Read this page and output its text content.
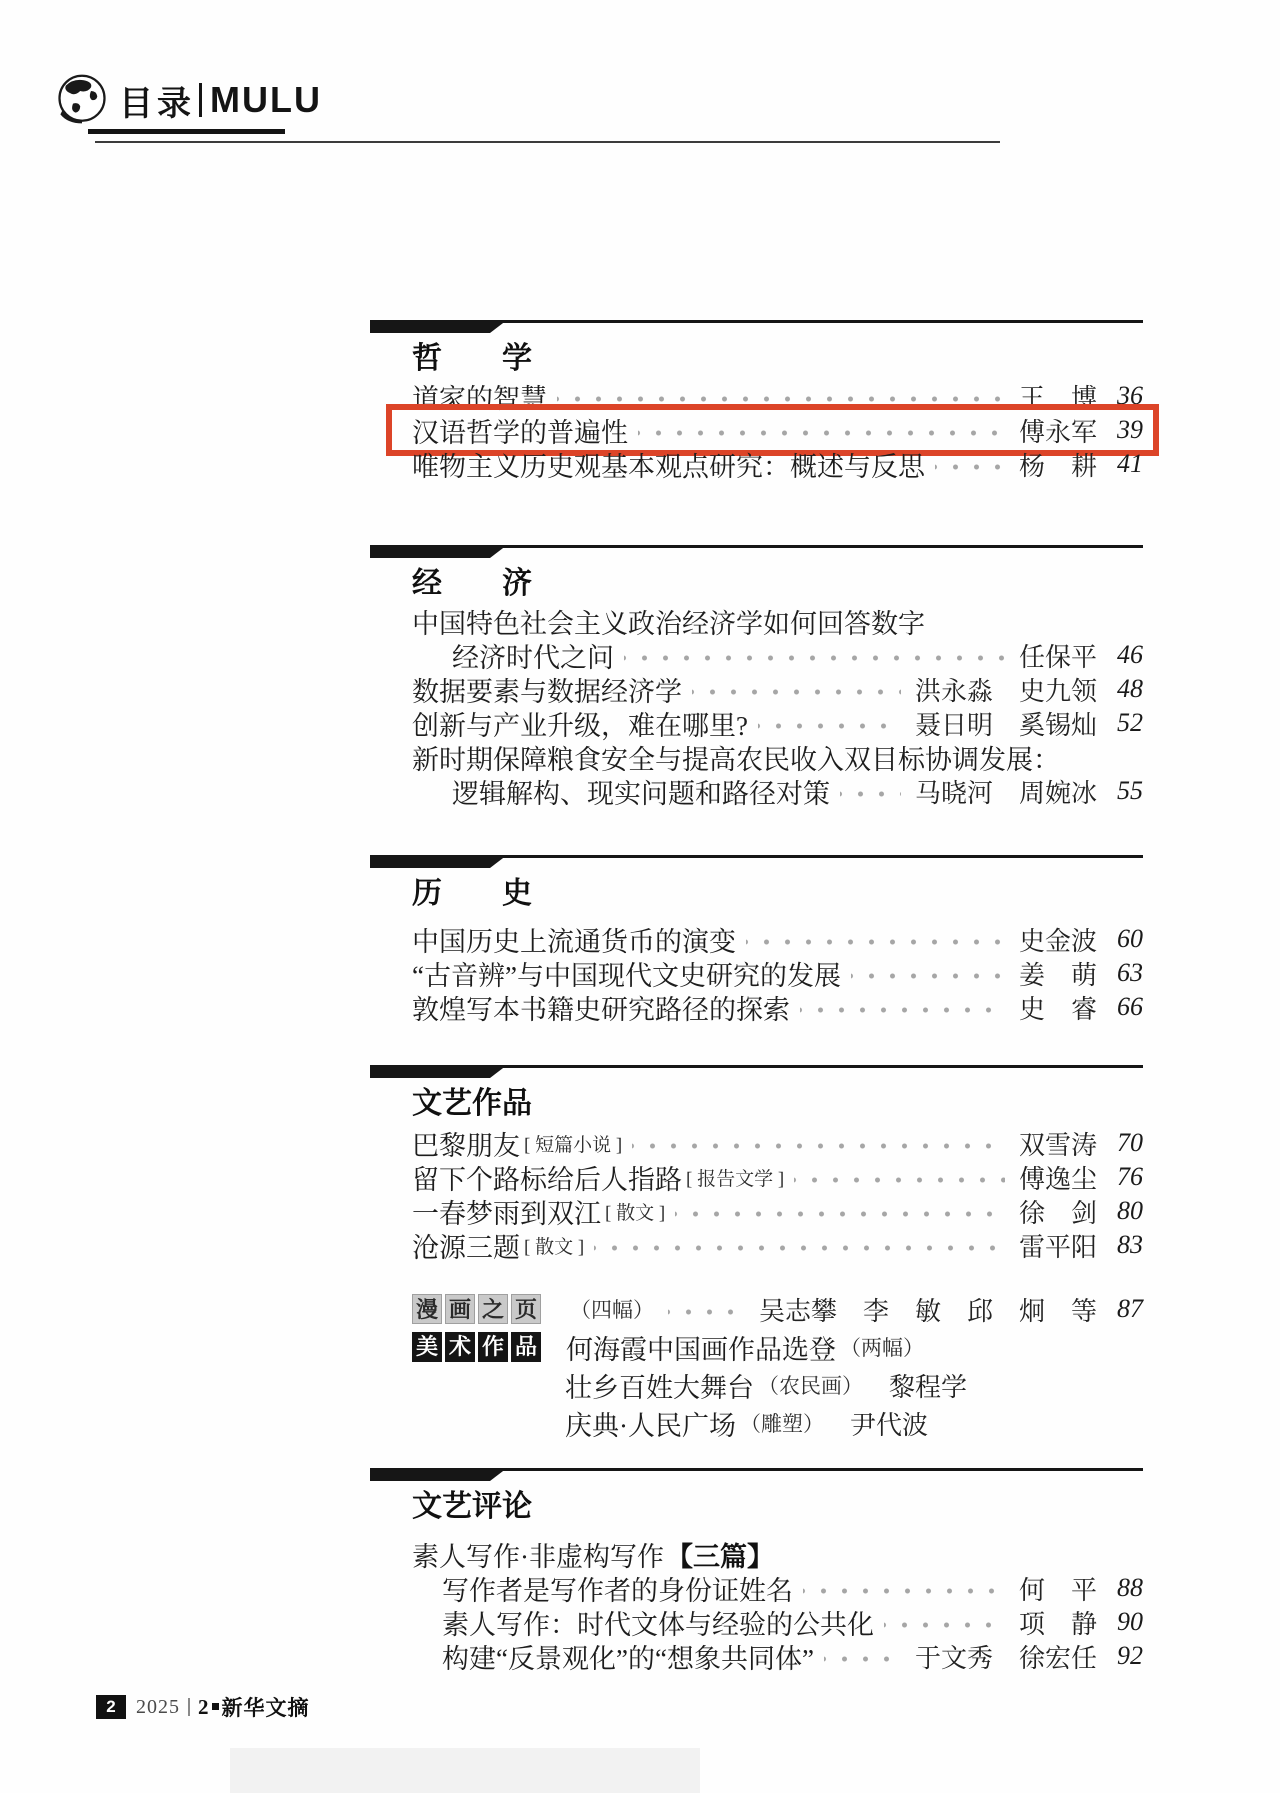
目录 MULU
哲　　学
道家的智慧	王　博 36
汉语哲学的普遍性	傅永军 39
唯物主义历史观基本观点研究：概述与反思	杨　耕 41
经　　济
中国特色社会主义政治经济学如何回答数字
经济时代之问	任保平 46
数据要素与数据经济学	洪永淼　史九领 48
创新与产业升级，难在哪里?	聂日明　奚锡灿 52
新时期保障粮食安全与提高农民收入双目标协调发展：
逻辑解构、现实问题和路径对策	马晓河　周婉冰 55
历　　史
中国历史上流通货币的演变	史金波 60
“古音辨”与中国现代文史研究的发展	姜　萌 63
敦煌写本书籍史研究路径的探索	史　睿 66
文艺作品
巴黎朋友 [ 短篇小说 ]	双雪涛 70
留下个路标给后人指路 [ 报告文学 ]	傅逸尘 76
一春梦雨到双江 [ 散文 ]	徐　剑 80
沧源三题 [ 散文 ]	雷平阳 83
漫 画 之 页 （四幅）	吴志攀　李　敏　邱　炯　等 87
美 术 作 品 何海霞中国画作品选登 （两幅）
壮乡百姓大舞台 （农民画） 黎程学
庆典·人民广场 （雕塑） 尹代波
文艺评论
素人写作·非虚构写作 【三篇】
写作者是写作者的身份证姓名	何　平 88
素人写作：时代文体与经验的公共化	项　静 90
构建“反景观化”的“想象共同体”	于文秀　徐宏任 92
2	2025 2 新华文摘
